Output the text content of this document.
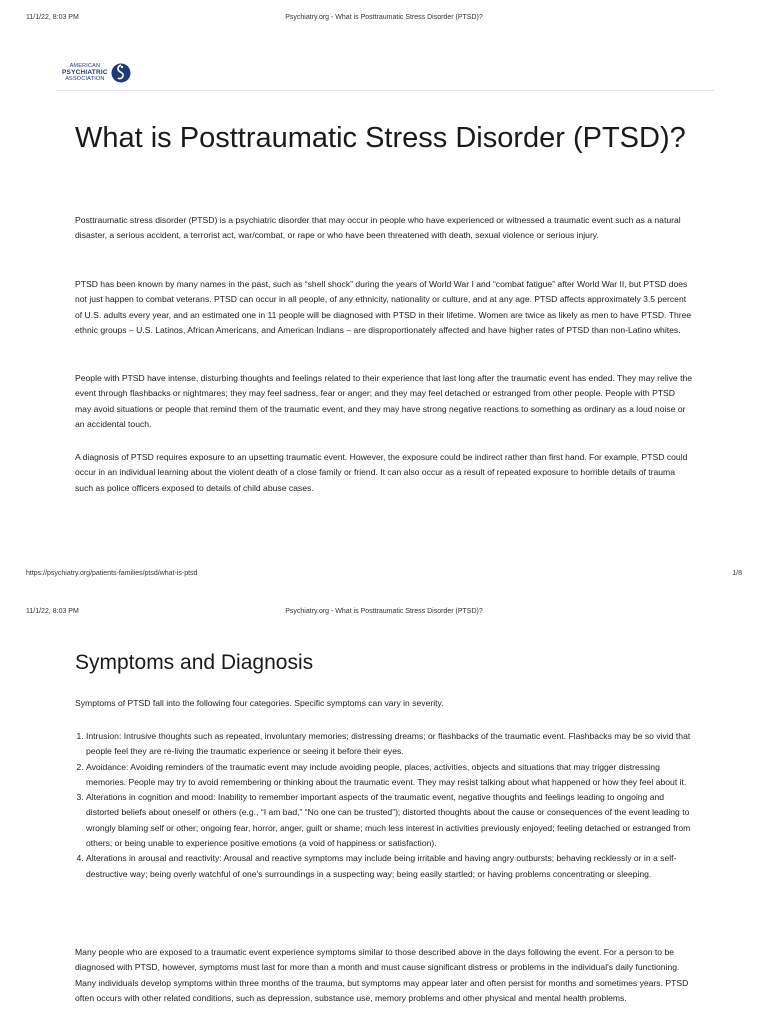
11/1/22, 8:03 PM	Psychiatry.org - What is Posttraumatic Stress Disorder (PTSD)?
AMERICAN
PSYCHIATRIC
ASSOCIATION
What is Posttraumatic Stress Disorder (PTSD)?

Posttraumatic stress disorder (PTSD) is a psychiatric disorder that may occur in people who have experienced or witnessed a traumatic event such as a natural disaster, a serious accident, a terrorist act, war/combat, or rape or who have been threatened with death, sexual violence or serious injury.

PTSD has been known by many names in the past, such as “shell shock” during the years of World War I and “combat fatigue” after World War II, but PTSD does not just happen to combat veterans. PTSD can occur in all people, of any ethnicity, nationality or culture, and at any age. PTSD affects approximately 3.5 percent of U.S. adults every year, and an estimated one in 11 people will be diagnosed with PTSD in their lifetime. Women are twice as likely as men to have PTSD. Three ethnic groups – U.S. Latinos, African Americans, and American Indians – are disproportionately affected and have higher rates of PTSD than non-Latino whites.

People with PTSD have intense, disturbing thoughts and feelings related to their experience that last long after the traumatic event has ended. They may relive the event through flashbacks or nightmares; they may feel sadness, fear or anger; and they may feel detached or estranged from other people. People with PTSD may avoid situations or people that remind them of the traumatic event, and they may have strong negative reactions to something as ordinary as a loud noise or an accidental touch.

A diagnosis of PTSD requires exposure to an upsetting traumatic event. However, the exposure could be indirect rather than first hand. For example, PTSD could occur in an individual learning about the violent death of a close family or friend. It can also occur as a result of repeated exposure to horrible details of trauma such as police officers exposed to details of child abuse cases.

https://psychiatry.org/patients-families/ptsd/what-is-ptsd	1/8
11/1/22, 8:03 PM	Psychiatry.org - What is Posttraumatic Stress Disorder (PTSD)?
Symptoms and Diagnosis

Symptoms of PTSD fall into the following four categories. Specific symptoms can vary in severity.

1. Intrusion: Intrusive thoughts such as repeated, involuntary memories; distressing dreams; or flashbacks of the traumatic event. Flashbacks may be so vivid that people feel they are re-living the traumatic experience or seeing it before their eyes.
2. Avoidance: Avoiding reminders of the traumatic event may include avoiding people, places, activities, objects and situations that may trigger distressing memories. People may try to avoid remembering or thinking about the traumatic event. They may resist talking about what happened or how they feel about it.
3. Alterations in cognition and mood: Inability to remember important aspects of the traumatic event, negative thoughts and feelings leading to ongoing and distorted beliefs about oneself or others (e.g., “I am bad,” “No one can be trusted”); distorted thoughts about the cause or consequences of the event leading to wrongly blaming self or other; ongoing fear, horror, anger, guilt or shame; much less interest in activities previously enjoyed; feeling detached or estranged from others; or being unable to experience positive emotions (a void of happiness or satisfaction).
4. Alterations in arousal and reactivity: Arousal and reactive symptoms may include being irritable and having angry outbursts; behaving recklessly or in a self-destructive way; being overly watchful of one's surroundings in a suspecting way; being easily startled; or having problems concentrating or sleeping.

Many people who are exposed to a traumatic event experience symptoms similar to those described above in the days following the event. For a person to be diagnosed with PTSD, however, symptoms must last for more than a month and must cause significant distress or problems in the individual's daily functioning. Many individuals develop symptoms within three months of the trauma, but symptoms may appear later and often persist for months and sometimes years. PTSD often occurs with other related conditions, such as depression, substance use, memory problems and other physical and mental health problems.
